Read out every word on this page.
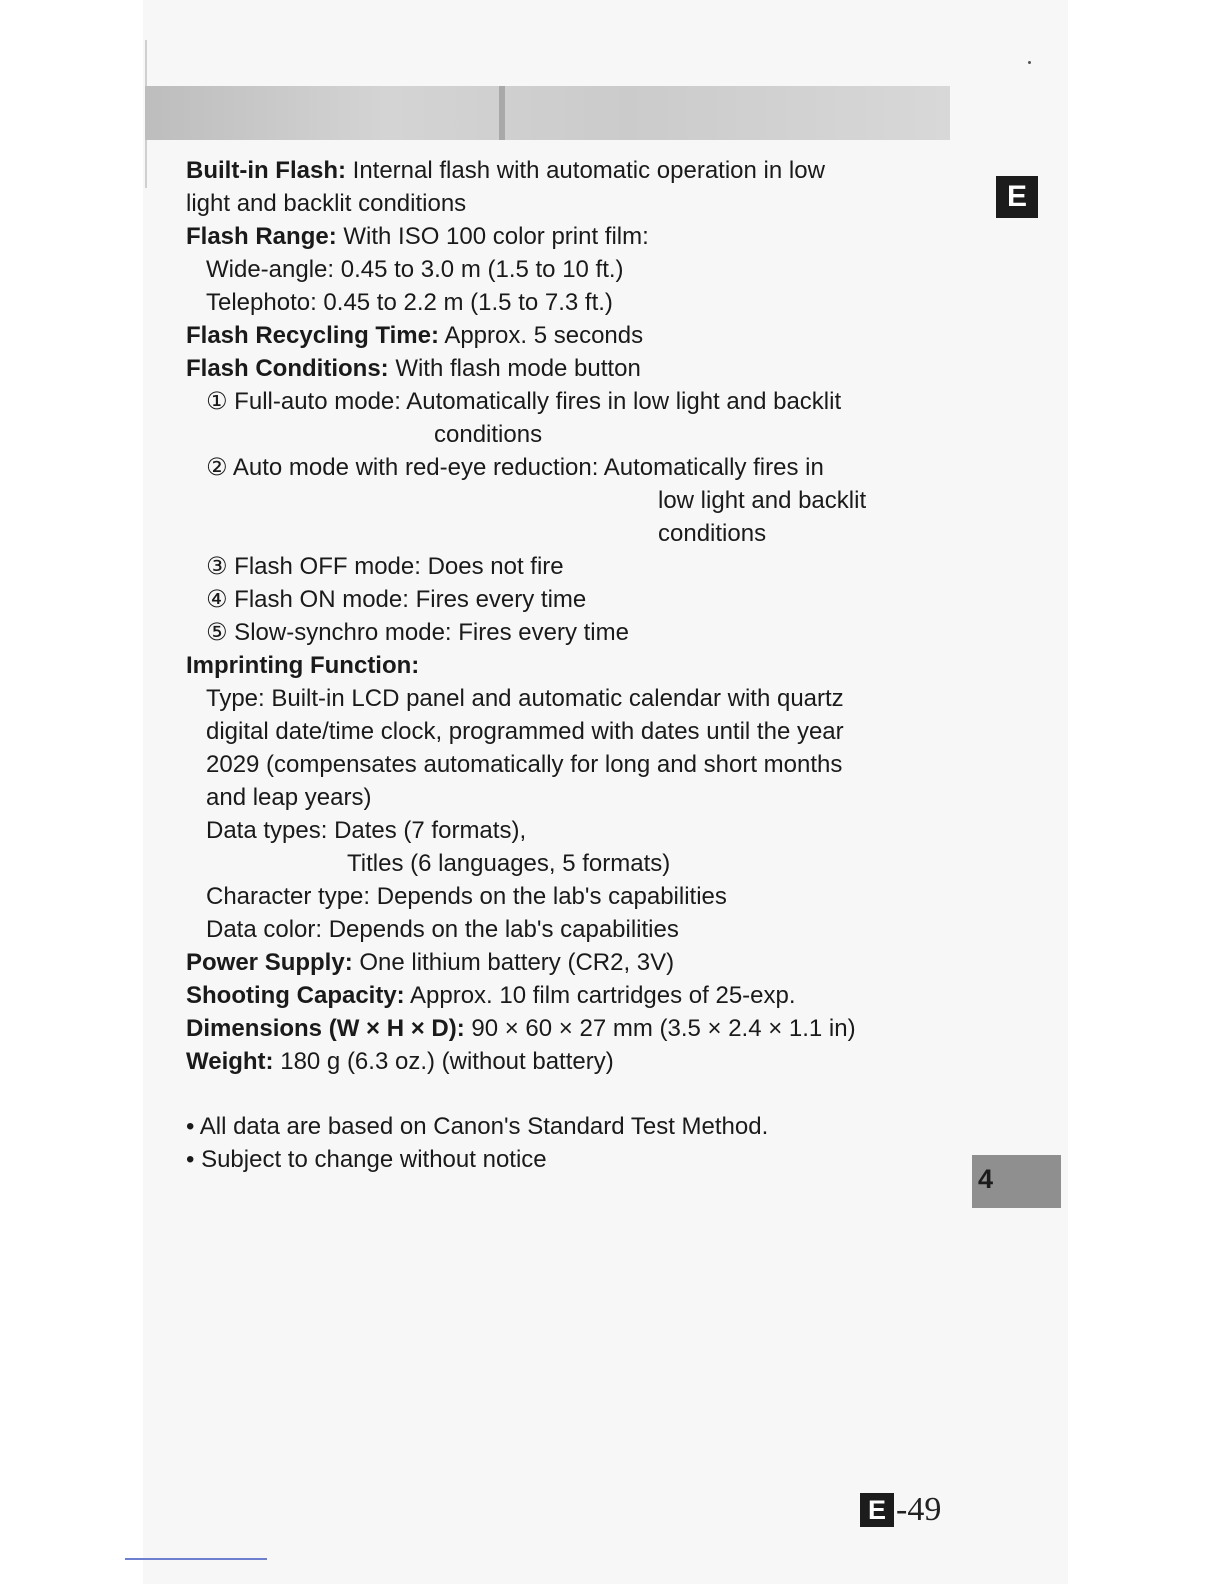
E
4
Built-in Flash: Internal flash with automatic operation in low
light and backlit conditions
Flash Range: With ISO 100 color print film:
Wide-angle: 0.45 to 3.0 m (1.5 to 10 ft.)
Telephoto: 0.45 to 2.2 m (1.5 to 7.3 ft.)
Flash Recycling Time: Approx. 5 seconds
Flash Conditions: With flash mode button
① Full-auto mode: Automatically fires in low light and backlit
conditions
② Auto mode with red-eye reduction: Automatically fires in
low light and backlit
conditions
③ Flash OFF mode: Does not fire
④ Flash ON mode: Fires every time
⑤ Slow-synchro mode: Fires every time
Imprinting Function:
Type: Built-in LCD panel and automatic calendar with quartz
digital date/time clock, programmed with dates until the year
2029 (compensates automatically for long and short months
and leap years)
Data types: Dates (7 formats),
Titles (6 languages, 5 formats)
Character type: Depends on the lab's capabilities
Data color: Depends on the lab's capabilities
Power Supply: One lithium battery (CR2, 3V)
Shooting Capacity: Approx. 10 film cartridges of 25-exp.
Dimensions (W × H × D): 90 × 60 × 27 mm (3.5 × 2.4 × 1.1 in)
Weight: 180 g (6.3 oz.) (without battery)
• All data are based on Canon's Standard Test Method.
• Subject to change without notice
E -49
